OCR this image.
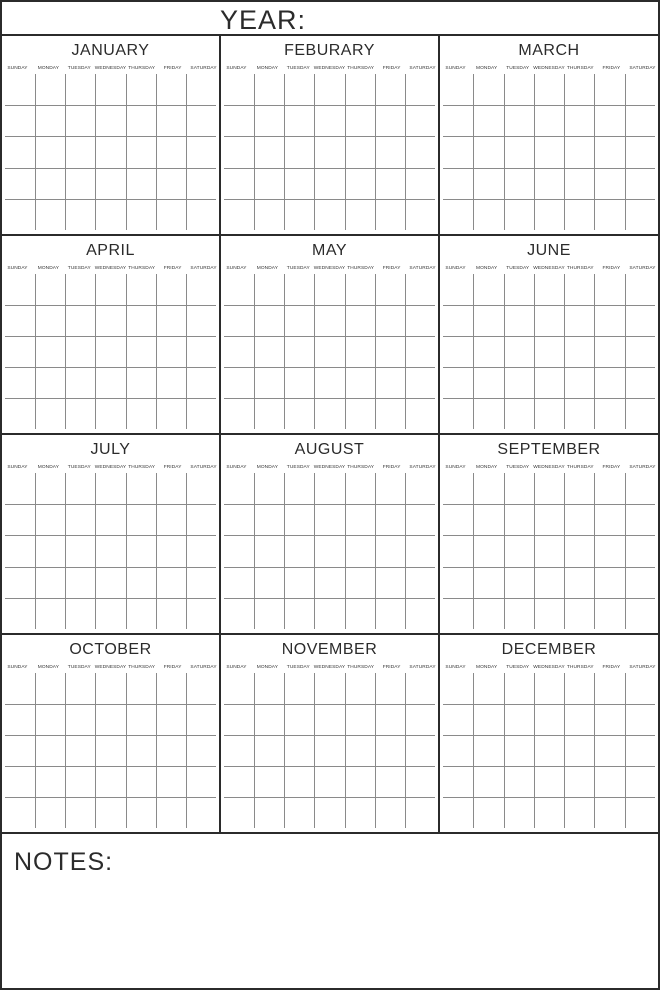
YEAR:
JANUARY
SUNDAY	MONDAY	TUESDAY WEDNESDAY THURSDAY	FRIDAY	SATURDAY
FEBURARY
SUNDAY	MONDAY	TUESDAY WEDNESDAY THURSDAY	FRIDAY	SATURDAY
MARCH
SUNDAY	MONDAY	TUESDAY WEDNESDAY THURSDAY	FRIDAY	SATURDAY
APRIL
SUNDAY	MONDAY	TUESDAY WEDNESDAY THURSDAY	FRIDAY	SATURDAY
MAY
SUNDAY	MONDAY	TUESDAY WEDNESDAY THURSDAY	FRIDAY	SATURDAY
JUNE
SUNDAY	MONDAY	TUESDAY WEDNESDAY THURSDAY	FRIDAY	SATURDAY
JULY
SUNDAY	MONDAY	TUESDAY WEDNESDAY THURSDAY	FRIDAY	SATURDAY
AUGUST
SUNDAY	MONDAY	TUESDAY WEDNESDAY THURSDAY	FRIDAY	SATURDAY
SEPTEMBER
SUNDAY	MONDAY	TUESDAY WEDNESDAY THURSDAY	FRIDAY	SATURDAY
OCTOBER
SUNDAY	MONDAY	TUESDAY WEDNESDAY THURSDAY	FRIDAY	SATURDAY
NOVEMBER
SUNDAY	MONDAY	TUESDAY WEDNESDAY THURSDAY	FRIDAY	SATURDAY
DECEMBER
SUNDAY	MONDAY	TUESDAY WEDNESDAY THURSDAY	FRIDAY	SATURDAY
NOTES:
